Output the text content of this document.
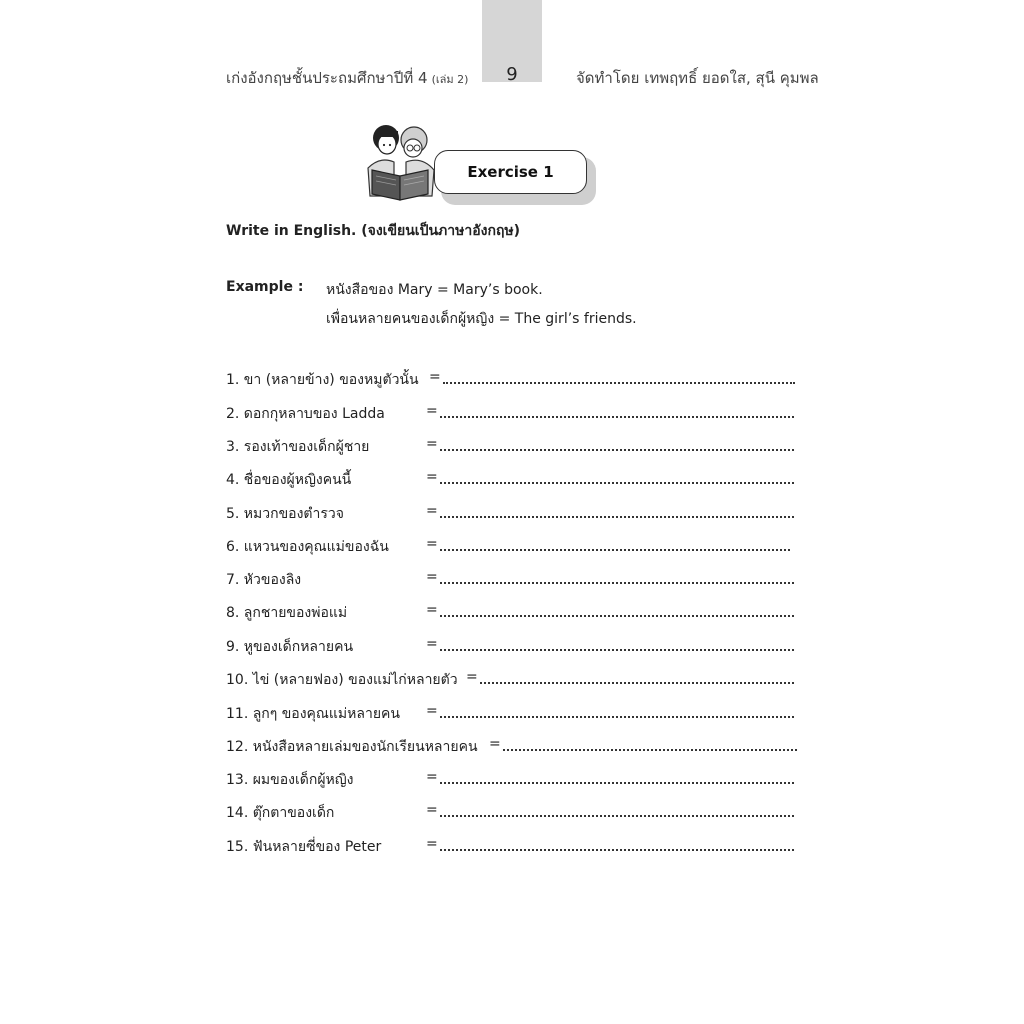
เก่งอังกฤษชั้นประถมศึกษาปีที่ 4 (เล่ม 2)	9	จัดทำโดย เทพฤทธิ์ ยอดใส, สุนี คุมพล
Exercise 1
Write in English. (จงเขียนเป็นภาษาอังกฤษ)
Example : หนังสือของ Mary = Mary’s book.
เพื่อนหลายคนของเด็กผู้หญิง = The girl’s friends.
1. ขา (หลายข้าง) ของหมูตัวนั้น =
2. ดอกกุหลาบของ Ladda	=
3. รองเท้าของเด็กผู้ชาย	=
4. ชื่อของผู้หญิงคนนี้	=
5. หมวกของตำรวจ	=
6. แหวนของคุณแม่ของฉัน	=
7. หัวของลิง	=
8. ลูกชายของพ่อแม่	=
9. หูของเด็กหลายคน	=
10. ไข่ (หลายฟอง) ของแม่ไก่หลายตัว =
11. ลูกๆ ของคุณแม่หลายคน =
12. หนังสือหลายเล่มของนักเรียนหลายคน =
13. ผมของเด็กผู้หญิง	=
14. ตุ๊กตาของเด็ก	=
15. ฟันหลายซี่ของ Peter	=
